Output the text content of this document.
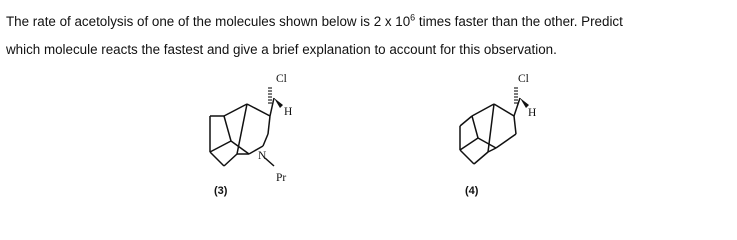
The rate of acetolysis of one of the molecules shown below is 2 x $10^6$ times faster than the other. Predict
which molecule reacts the fastest and give a brief explanation to account for this observation.

Cl
H
N
Pr
(3)
Cl
H
(4)
